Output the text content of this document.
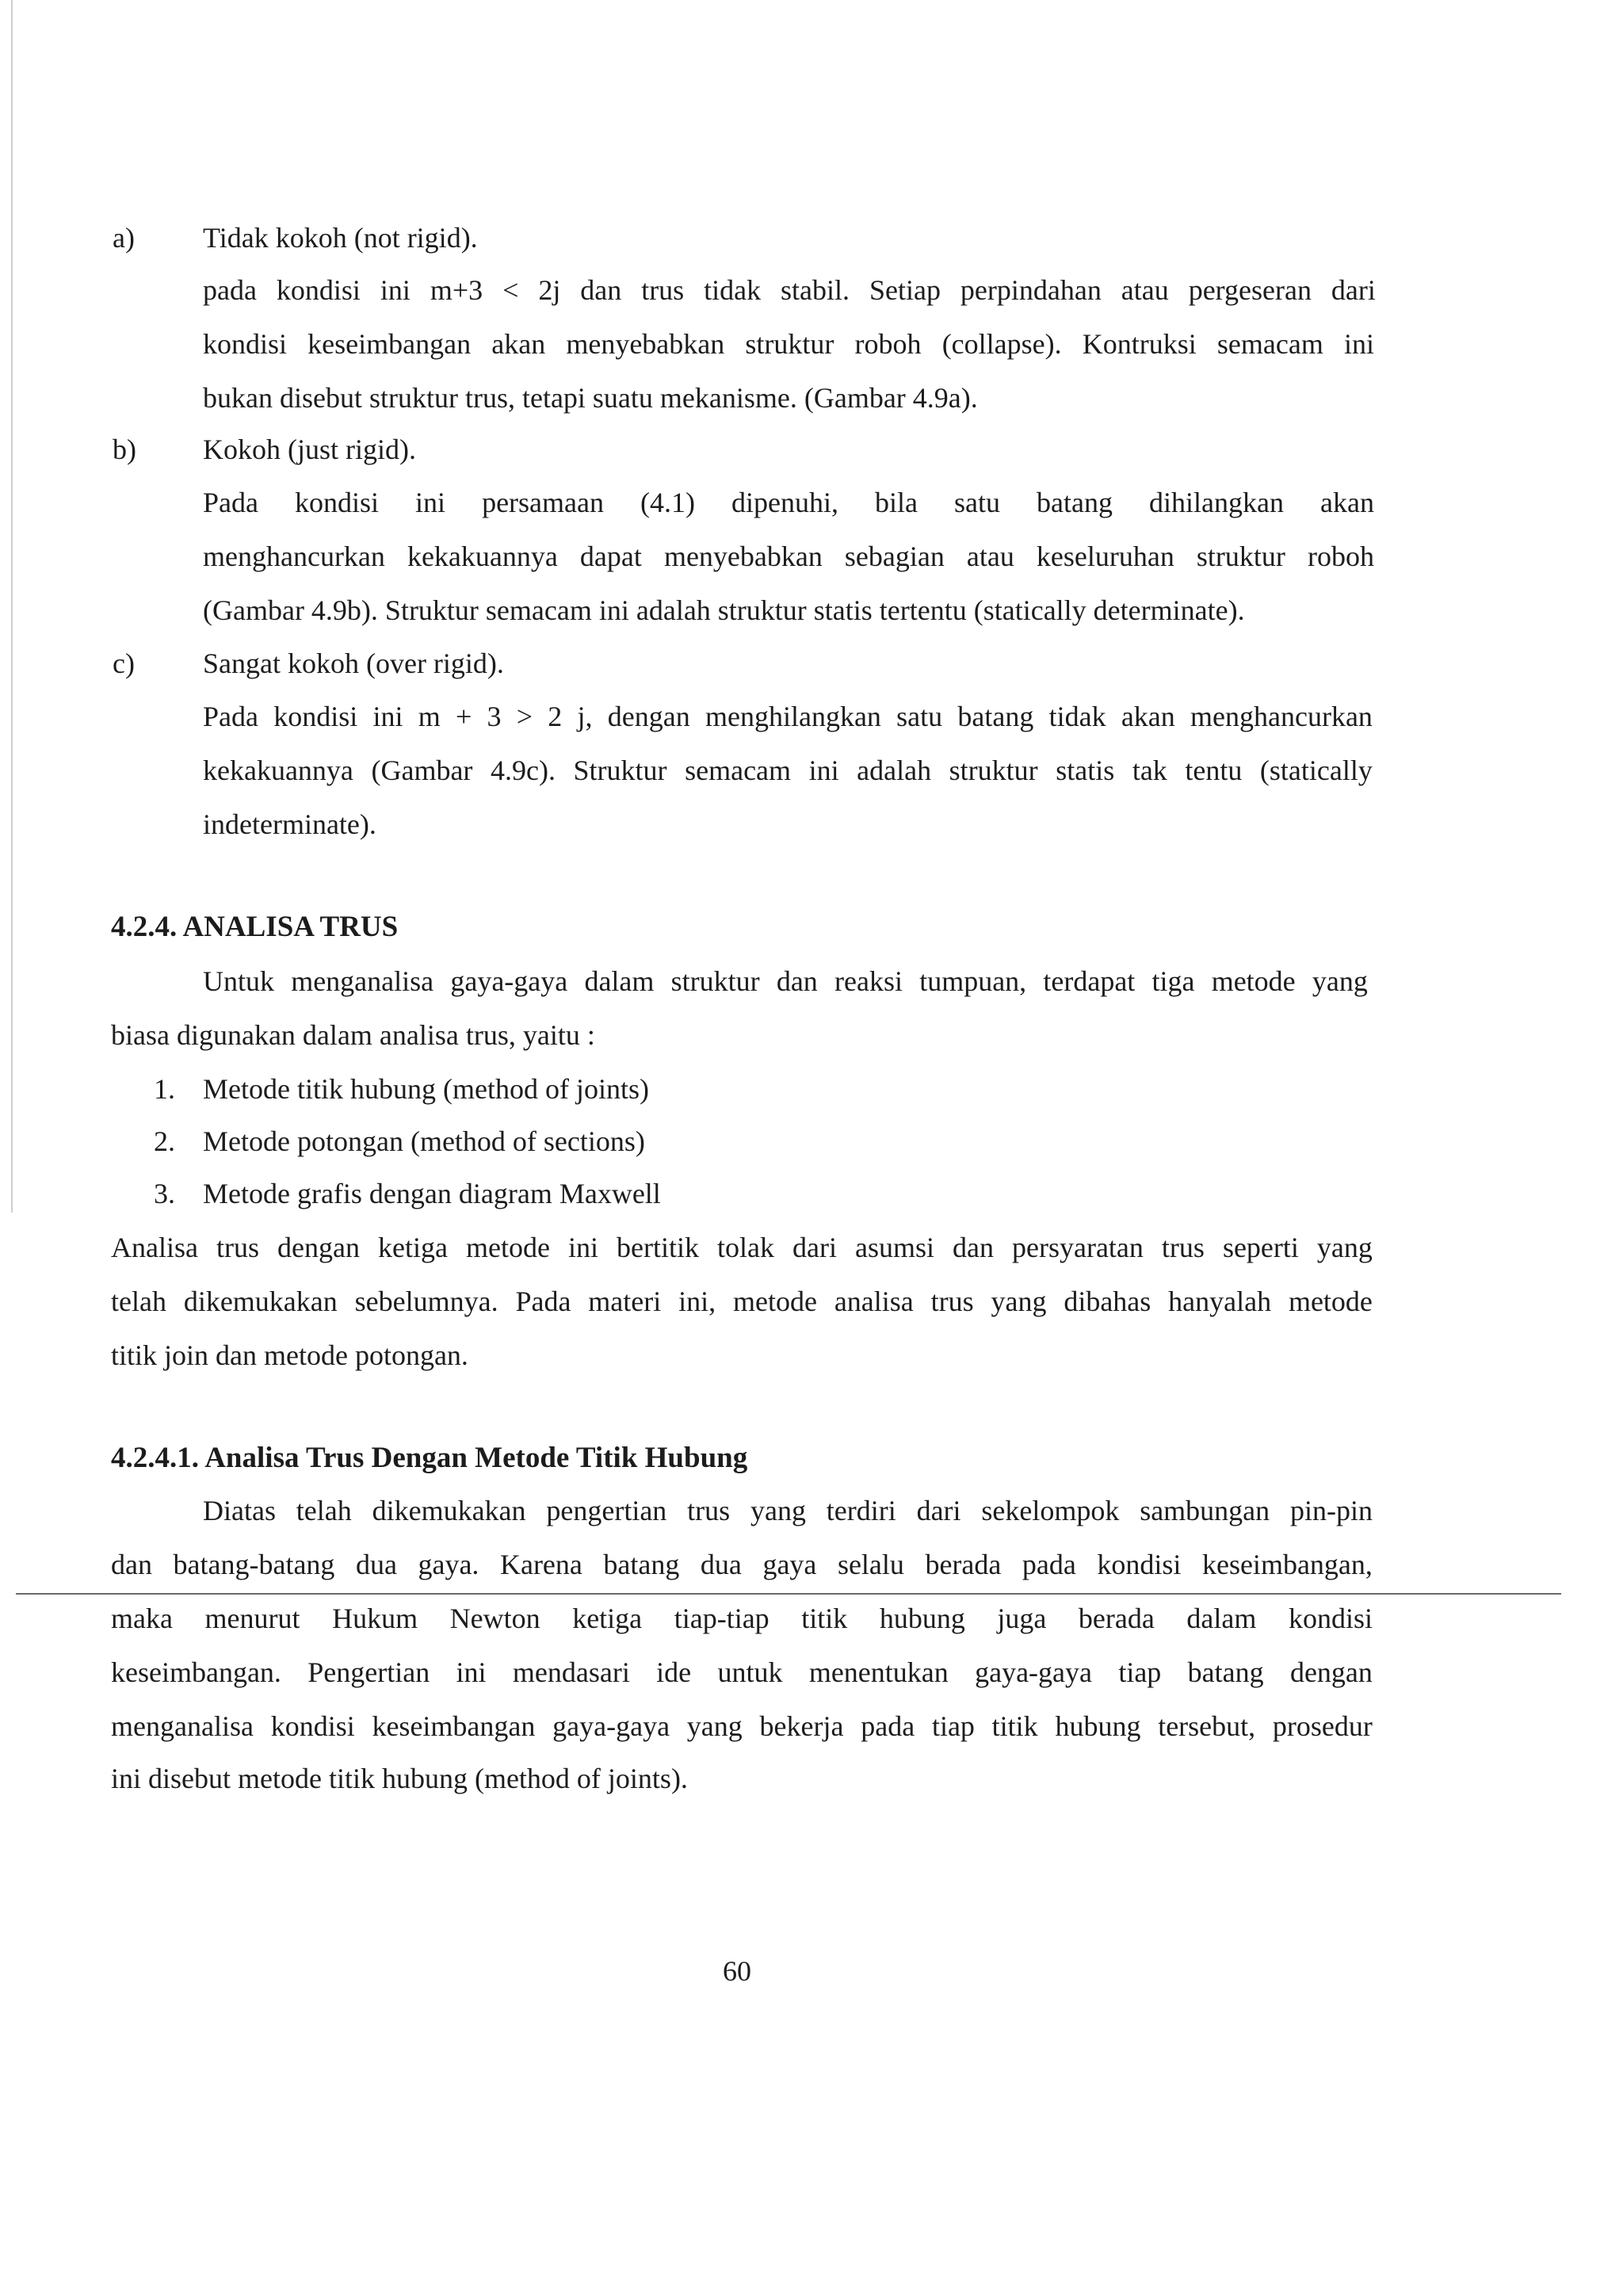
a) Tidak kokoh (not rigid).
pada kondisi ini m+3 < 2j dan trus tidak stabil. Setiap perpindahan atau pergeseran dari
kondisi keseimbangan akan menyebabkan struktur roboh (collapse). Kontruksi semacam ini
bukan disebut struktur trus, tetapi suatu mekanisme. (Gambar 4.9a).
b) Kokoh (just rigid).
Pada kondisi ini persamaan (4.1) dipenuhi, bila satu batang dihilangkan akan
menghancurkan kekakuannya dapat menyebabkan sebagian atau keseluruhan struktur roboh
(Gambar 4.9b). Struktur semacam ini adalah struktur statis tertentu (statically determinate).
c) Sangat kokoh (over rigid).
Pada kondisi ini m + 3 > 2 j, dengan menghilangkan satu batang tidak akan menghancurkan
kekakuannya (Gambar 4.9c). Struktur semacam ini adalah struktur statis tak tentu (statically
indeterminate).
4.2.4. ANALISA TRUS
Untuk menganalisa gaya-gaya dalam struktur dan reaksi tumpuan, terdapat tiga metode yang
biasa digunakan dalam analisa trus, yaitu :
1. Metode titik hubung (method of joints)
2. Metode potongan (method of sections)
3. Metode grafis dengan diagram Maxwell
Analisa trus dengan ketiga metode ini bertitik tolak dari asumsi dan persyaratan trus seperti yang
telah dikemukakan sebelumnya. Pada materi ini, metode analisa trus yang dibahas hanyalah metode
titik join dan metode potongan.
4.2.4.1. Analisa Trus Dengan Metode Titik Hubung
Diatas telah dikemukakan pengertian trus yang terdiri dari sekelompok sambungan pin-pin
dan batang-batang dua gaya. Karena batang dua gaya selalu berada pada kondisi keseimbangan,
maka menurut Hukum Newton ketiga tiap-tiap titik hubung juga berada dalam kondisi
keseimbangan. Pengertian ini mendasari ide untuk menentukan gaya-gaya tiap batang dengan
menganalisa kondisi keseimbangan gaya-gaya yang bekerja pada tiap titik hubung tersebut, prosedur
ini disebut metode titik hubung (method of joints).
60
